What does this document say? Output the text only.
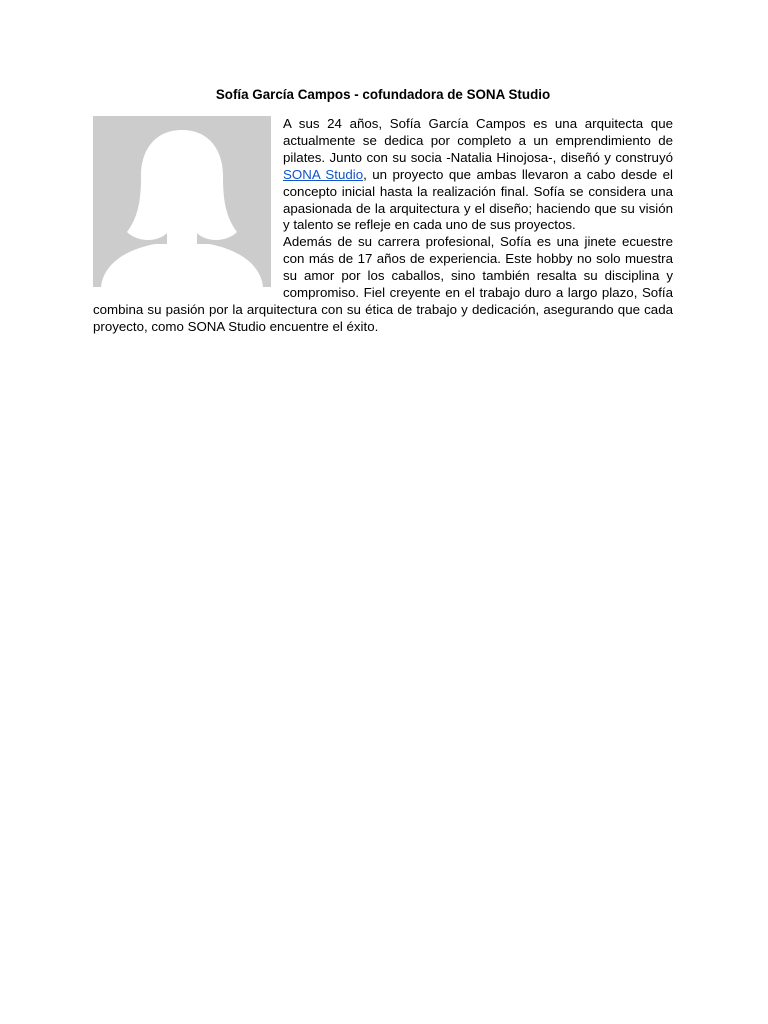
Sofía García Campos - cofundadora de SONA Studio

A sus 24 años, Sofía García Campos es una arquitecta que actualmente se dedica por completo a un emprendimiento de pilates. Junto con su socia -Natalia Hinojosa-, diseñó y construyó SONA Studio, un proyecto que ambas llevaron a cabo desde el concepto inicial hasta la realización final. Sofía se considera una apasionada de la arquitectura y el diseño; haciendo que su visión y talento se refleje en cada uno de sus proyectos.

Además de su carrera profesional, Sofía es una jinete ecuestre con más de 17 años de experiencia. Este hobby no solo muestra su amor por los caballos, sino también resalta su disciplina y compromiso. Fiel creyente en el trabajo duro a largo plazo, Sofía combina su pasión por la arquitectura con su ética de trabajo y dedicación, asegurando que cada proyecto, como SONA Studio encuentre el éxito.
